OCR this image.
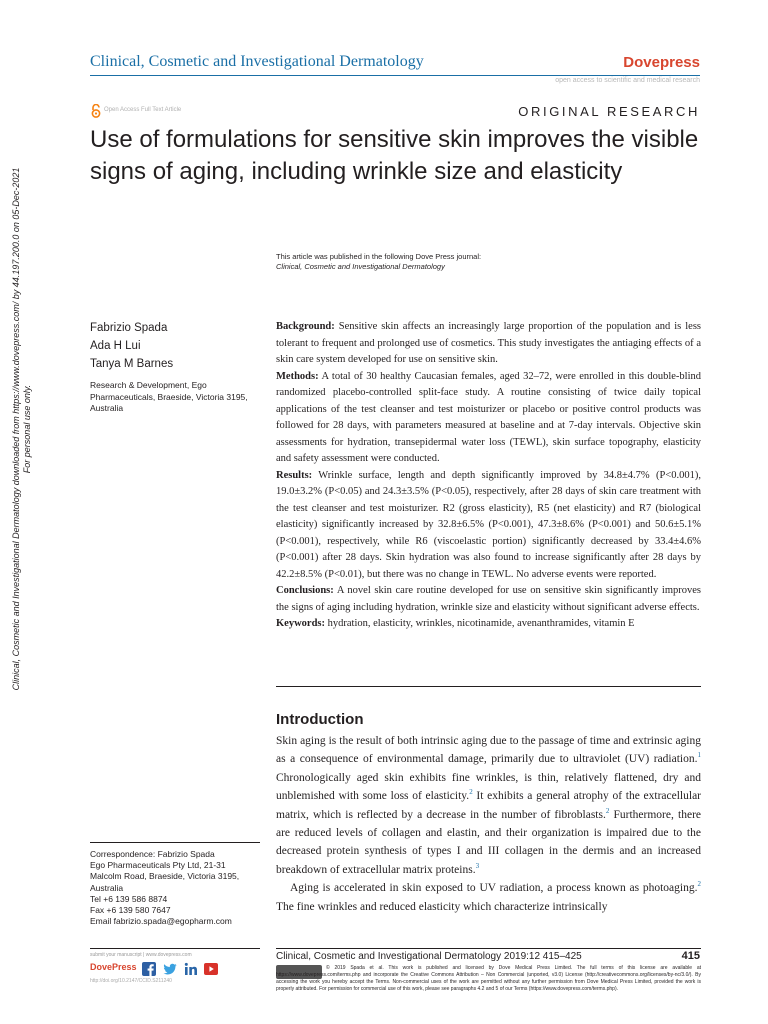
Clinical, Cosmetic and Investigational Dermatology	Dovepress
open access to scientific and medical research
Open Access Full Text Article	ORIGINAL RESEARCH
Use of formulations for sensitive skin improves the visible signs of aging, including wrinkle size and elasticity
This article was published in the following Dove Press journal:
Clinical, Cosmetic and Investigational Dermatology
Fabrizio Spada
Ada H Lui
Tanya M Barnes
Research & Development, Ego Pharmaceuticals, Braeside, Victoria 3195, Australia

Background: Sensitive skin affects an increasingly large proportion of the population and is less tolerant to frequent and prolonged use of cosmetics. This study investigates the antiaging effects of a skin care system developed for use on sensitive skin.

Methods: A total of 30 healthy Caucasian females, aged 32–72, were enrolled in this double-blind randomized placebo-controlled split-face study. A routine consisting of twice daily topical applications of the test cleanser and test moisturizer or placebo or positive control products was followed for 28 days, with parameters measured at baseline and at 7-day intervals. Objective skin assessments for hydration, transepidermal water loss (TEWL), skin surface topography, elasticity and safety assessment were conducted.

Results: Wrinkle surface, length and depth significantly improved by 34.8±4.7% (P<0.001), 19.0±3.2% (P<0.05) and 24.3±3.5% (P<0.05), respectively, after 28 days of skin care treatment with the test cleanser and test moisturizer. R2 (gross elasticity), R5 (net elasticity) and R7 (biological elasticity) significantly increased by 32.8±6.5% (P<0.001), 47.3±8.6% (P<0.001) and 50.6±5.1% (P<0.001), respectively, while R6 (viscoelastic portion) significantly decreased by 33.4±4.6% (P<0.001) after 28 days. Skin hydration was also found to increase significantly after 28 days by 42.2±8.5% (P<0.01), but there was no change in TEWL. No adverse events were reported.

Conclusions: A novel skin care routine developed for use on sensitive skin significantly improves the signs of aging including hydration, wrinkle size and elasticity without significant adverse effects.

Keywords: hydration, elasticity, wrinkles, nicotinamide, avenanthramides, vitamin E

Introduction

Skin aging is the result of both intrinsic aging due to the passage of time and extrinsic aging as a consequence of environmental damage, primarily due to ultraviolet (UV) radiation.$^1$ Chronologically aged skin exhibits fine wrinkles, is thin, relatively flattened, dry and unblemished with some loss of elasticity.$^2$ It exhibits a general atrophy of the extracellular matrix, which is reflected by a decrease in the number of fibroblasts.$^2$ Furthermore, there are reduced levels of collagen and elastin, and their organization is impaired due to the decreased protein synthesis of types I and III collagen in the dermis and an increased breakdown of extracellular matrix proteins.$^3$

Aging is accelerated in skin exposed to UV radiation, a process known as photoaging.$^2$ The fine wrinkles and reduced elasticity which characterize intrinsically

Correspondence: Fabrizio Spada
Ego Pharmaceuticals Pty Ltd, 21-31
Malcolm Road, Braeside, Victoria 3195,
Australia
Tel +6 139 586 8874
Fax +6 139 580 7647
Email fabrizio.spada@egopharm.com
Clinical, Cosmetic and Investigational Dermatology downloaded from https://www.dovepress.com/ by 44.197.200.0 on 05-Dec-2021 For personal use only.
submit your manuscript | www.dovepress.com
DovePress
http://doi.org/10.2147/CCID.S211240
Clinical, Cosmetic and Investigational Dermatology 2019:12 415–425	415
© 2019 Spada et al. This work is published and licensed by Dove Medical Press Limited. The full terms of this license are available at https://www.dovepress.com/terms.php and incorporate the Creative Commons Attribution – Non Commercial (unported, v3.0) License (http://creativecommons.org/licenses/by-nc/3.0/). By accessing the work you hereby accept the Terms. Non-commercial uses of the work are permitted without any further permission from Dove Medical Press Limited, provided the work is properly attributed. For permission for commercial use of this work, please see paragraphs 4.2 and 5 of our Terms (https://www.dovepress.com/terms.php).
